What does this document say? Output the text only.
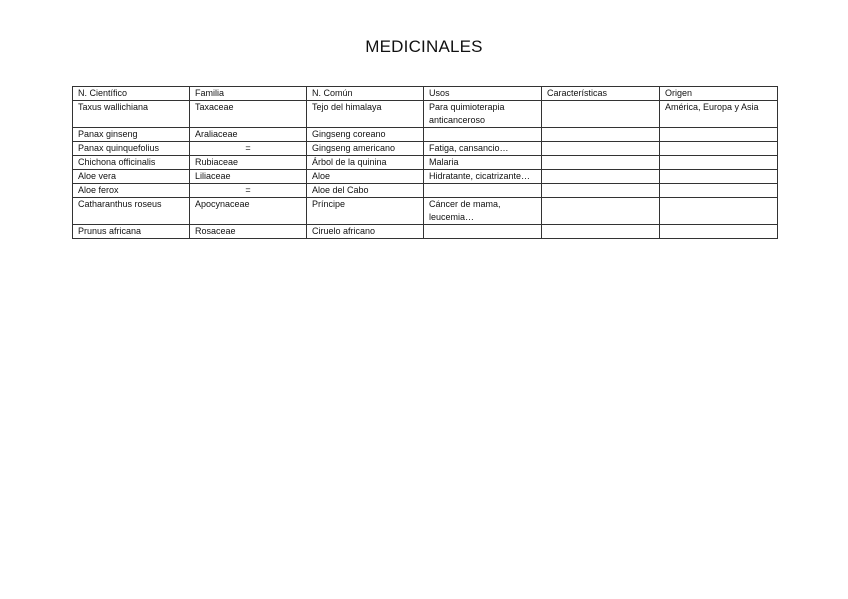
MEDICINALES
N. Científico	Familia	N. Común	Usos	Características	Origen
Taxus wallichiana	Taxaceae	Tejo del himalaya	Para quimioterapia anticanceroso		América, Europa y Asia
Panax ginseng	Araliaceae	Gingseng coreano			
Panax quinquefolius	=	Gingseng americano	Fatiga, cansancio…		
Chichona officinalis	Rubiaceae	Árbol de la quinina	Malaria		
Aloe vera	Liliaceae	Aloe	Hidratante, cicatrizante…		
Aloe ferox	=	Aloe del Cabo			
Catharanthus roseus	Apocynaceae	Príncipe	Cáncer de mama, leucemia…		
Prunus africana	Rosaceae	Ciruelo africano			
